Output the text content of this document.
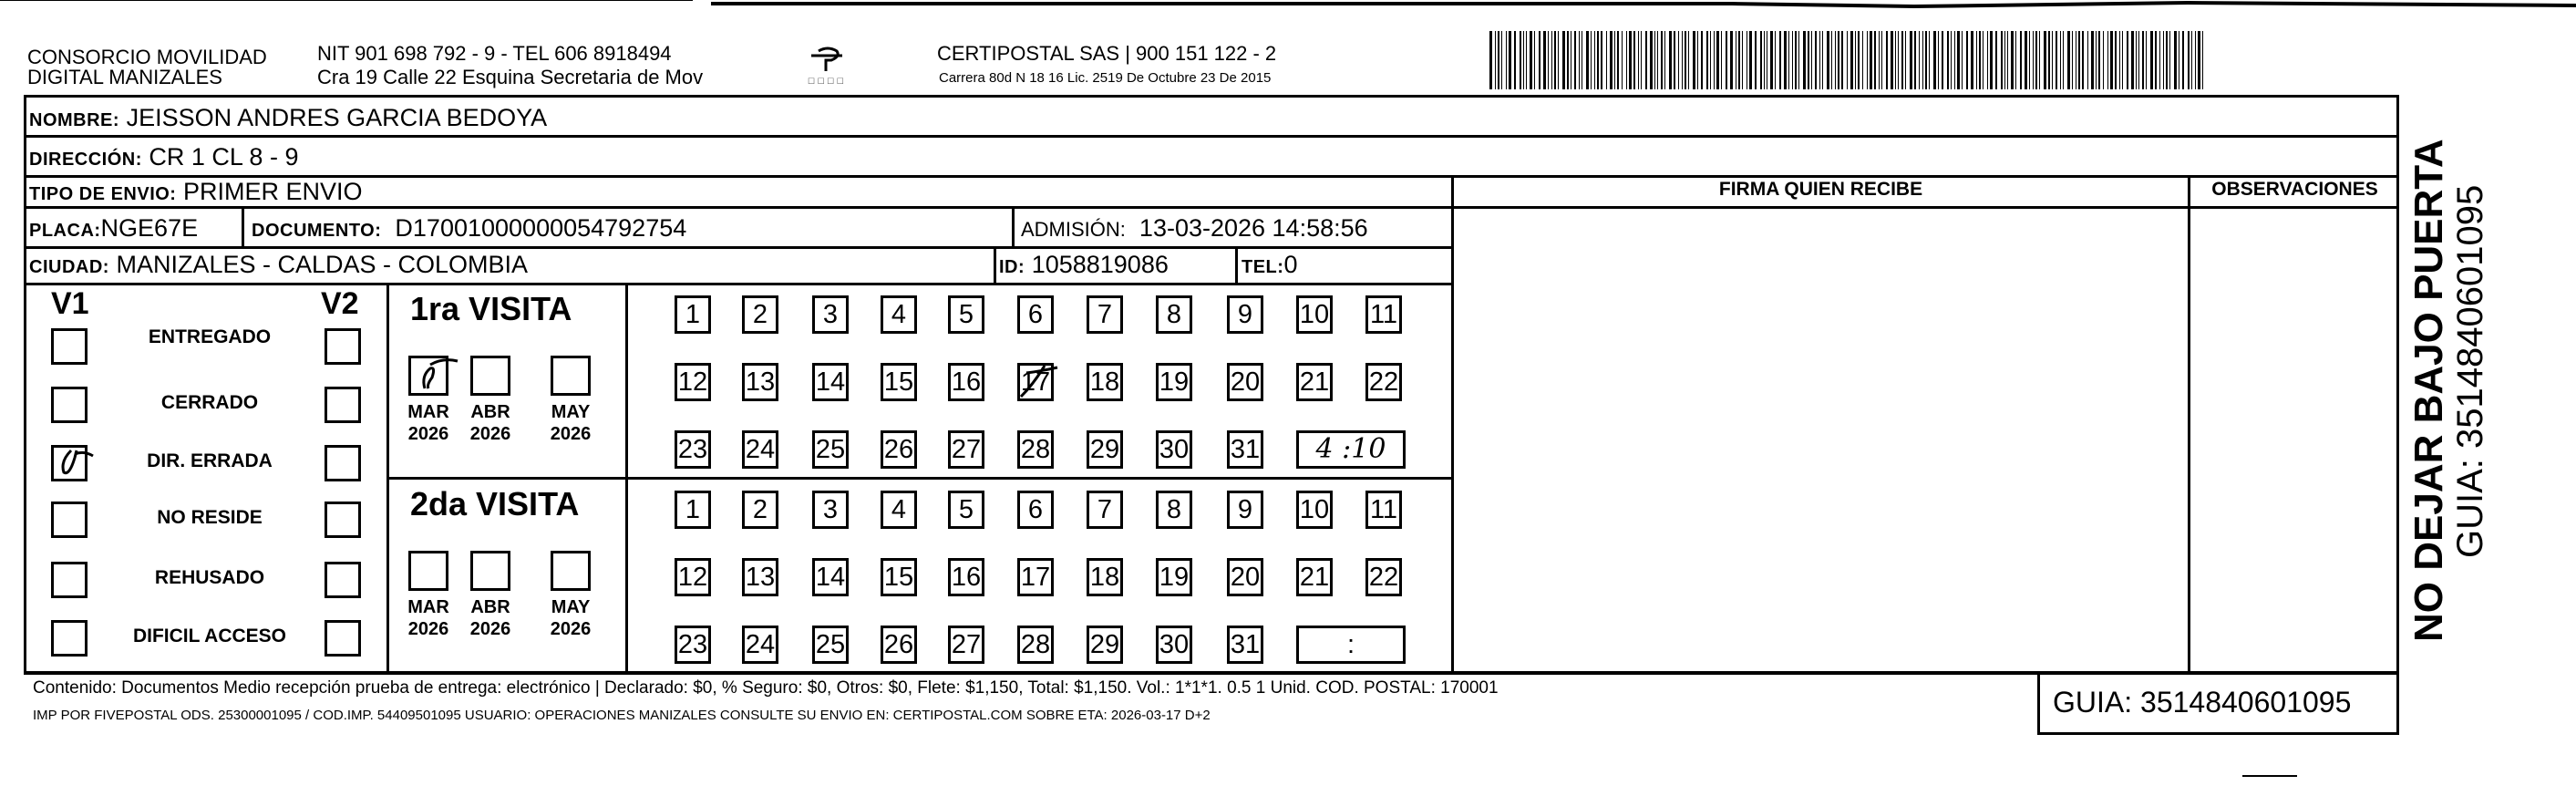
CONSORCIO MOVILIDAD
DIGITAL MANIZALES
NIT 901 698 792 - 9 - TEL 606 8918494
Cra 19 Calle 22 Esquina Secretaria de Mov	☐ ☐ ☐ ☐
CERTIPOSTAL SAS | 900 151 122 - 2
Carrera 80d N 18 16 Lic. 2519 De Octubre 23 De 2015
NOMBRE: JEISSON ANDRES GARCIA BEDOYA
DIRECCIÓN: CR 1 CL 8 - 9
TIPO DE ENVIO: PRIMER ENVIO
PLACA:NGE67E	DOCUMENTO: D17001000000054792754	ADMISIÓN: 13-03-2026 14:58:56
CIUDAD: MANIZALES - CALDAS - COLOMBIA	ID: 1058819086	TEL:0
FIRMA QUIEN RECIBE	OBSERVACIONES
V1	V2
ENTREGADO
CERRADO
DIR. ERRADA
NO RESIDE
REHUSADO
DIFICIL ACCESO
1ra VISITA
MAR
2026
ABR
2026
MAY
2026
1	2	3	4	5	6	7	8	9	10 11
12 13 14 15 16 17 18 19 20 21 22
23 24 25 26 27 28 29 30 31	4 :10
2da VISITA
MAR
2026
ABR
2026
MAY
2026
1	2	3	4	5	6	7	8	9	10 11
12 13 14 15 16 17 18 19 20 21 22
23 24 25 26 27 28 29 30 31	:
Contenido: Documentos Medio recepción prueba de entrega: electrónico | Declarado: $0, % Seguro: $0, Otros: $0, Flete: $1,150, Total: $1,150. Vol.: 1*1*1. 0.5 1 Unid. COD. POSTAL: 170001
IMP POR FIVEPOSTAL ODS. 25300001095 / COD.IMP. 54409501095 USUARIO: OPERACIONES MANIZALES CONSULTE SU ENVIO EN: CERTIPOSTAL.COM SOBRE ETA: 2026-03-17 D+2	GUIA: 3514840601095
NO DEJAR BAJO PUERTA GUIA: 3514840601095
